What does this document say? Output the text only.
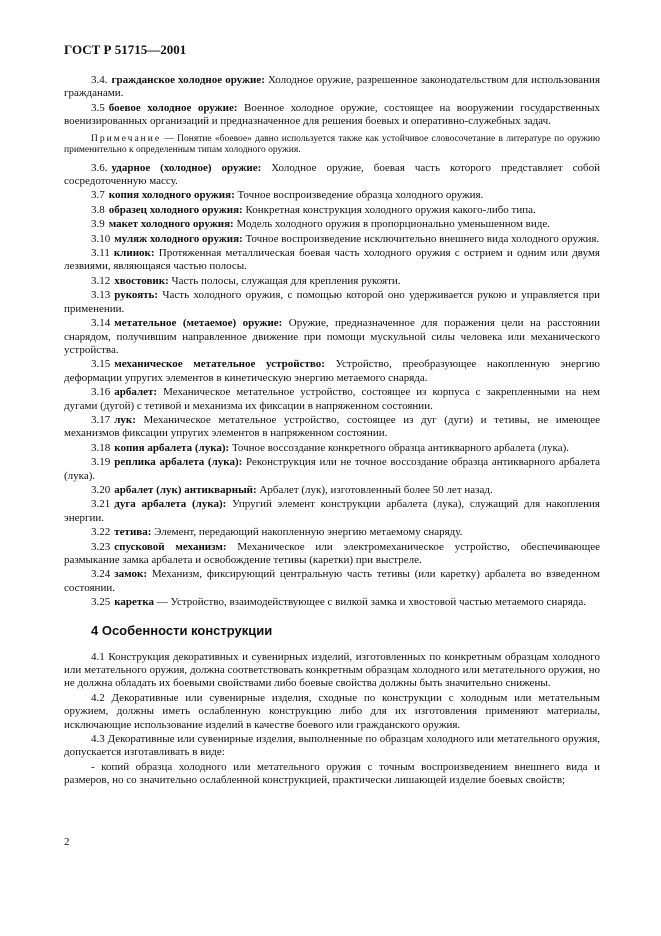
ГОСТ Р 51715—2001

3.4. гражданское холодное оружие: Холодное оружие, разрешенное законодательством для использования гражданами.

3.5 боевое холодное оружие: Военное холодное оружие, состоящее на вооружении государственных военизированных организаций и предназначенное для решения боевых и оперативно-служебных задач.

Примечание — Понятие «боевое» давно используется также как устойчивое словосочетание в литературе по оружию применительно к определенным типам холодного оружия.

3.6. ударное (холодное) оружие: Холодное оружие, боевая часть которого представляет собой сосредоточенную массу.

3.7 копия холодного оружия: Точное воспроизведение образца холодного оружия.

3.8 образец холодного оружия: Конкретная конструкция холодного оружия какого-либо типа.

3.9 макет холодного оружия: Модель холодного оружия в пропорционально уменьшенном виде.

3.10 муляж холодного оружия: Точное воспроизведение исключительно внешнего вида холодного оружия.

3.11 клинок: Протяженная металлическая боевая часть холодного оружия с острием и одним или двумя лезвиями, являющаяся частью полосы.

3.12 хвостовик: Часть полосы, служащая для крепления рукояти.

3.13 рукоять: Часть холодного оружия, с помощью которой оно удерживается рукою и управляется при применении.

3.14 метательное (метаемое) оружие: Оружие, предназначенное для поражения цели на расстоянии снарядом, получившим направленное движение при помощи мускульной силы человека или механического устройства.

3.15 механическое метательное устройство: Устройство, преобразующее накопленную энергию деформации упругих элементов в кинетическую энергию метаемого снаряда.

3.16 арбалет: Механическое метательное устройство, состоящее из корпуса с закрепленными на нем дугами (дугой) с тетивой и механизма их фиксации в напряженном состоянии.

3.17 лук: Механическое метательное устройство, состоящее из дуг (дуги) и тетивы, не имеющее механизмов фиксации упругих элементов в напряженном состоянии.

3.18 копия арбалета (лука): Точное воссоздание конкретного образца антикварного арбалета (лука).

3.19 реплика арбалета (лука): Реконструкция или не точное воссоздание образца антикварного арбалета (лука).

3.20 арбалет (лук) антикварный: Арбалет (лук), изготовленный более 50 лет назад.

3.21 дуга арбалета (лука): Упругий элемент конструкции арбалета (лука), служащий для накопления энергии.

3.22 тетива: Элемент, передающий накопленную энергию метаемому снаряду.

3.23 спусковой механизм: Механическое или электромеханическое устройство, обеспечивающее размыкание замка арбалета и освобождение тетивы (каретки) при выстреле.

3.24 замок: Механизм, фиксирующий центральную часть тетивы (или каретку) арбалета во взведенном состоянии.

3.25 каретка — Устройство, взаимодействующее с вилкой замка и хвостовой частью метаемого снаряда.

4 Особенности конструкции

4.1 Конструкция декоративных и сувенирных изделий, изготовленных по конкретным образцам холодного или метательного оружия, должна соответствовать конкретным образцам холодного или метательного оружия, но не должна обладать их боевыми свойствами либо боевые свойства должны быть значительно снижены.

4.2 Декоративные или сувенирные изделия, сходные по конструкции с холодным или метательным оружием, должны иметь ослабленную конструкцию либо для их изготовления применяют материалы, исключающие использование изделий в качестве боевого или гражданского оружия.

4.3 Декоративные или сувенирные изделия, выполненные по образцам холодного или метательного оружия, допускается изготавливать в виде:

- копий образца холодного или метательного оружия с точным воспроизведением внешнего вида и размеров, но со значительно ослабленной конструкцией, практически лишающей изделие боевых свойств;

2
